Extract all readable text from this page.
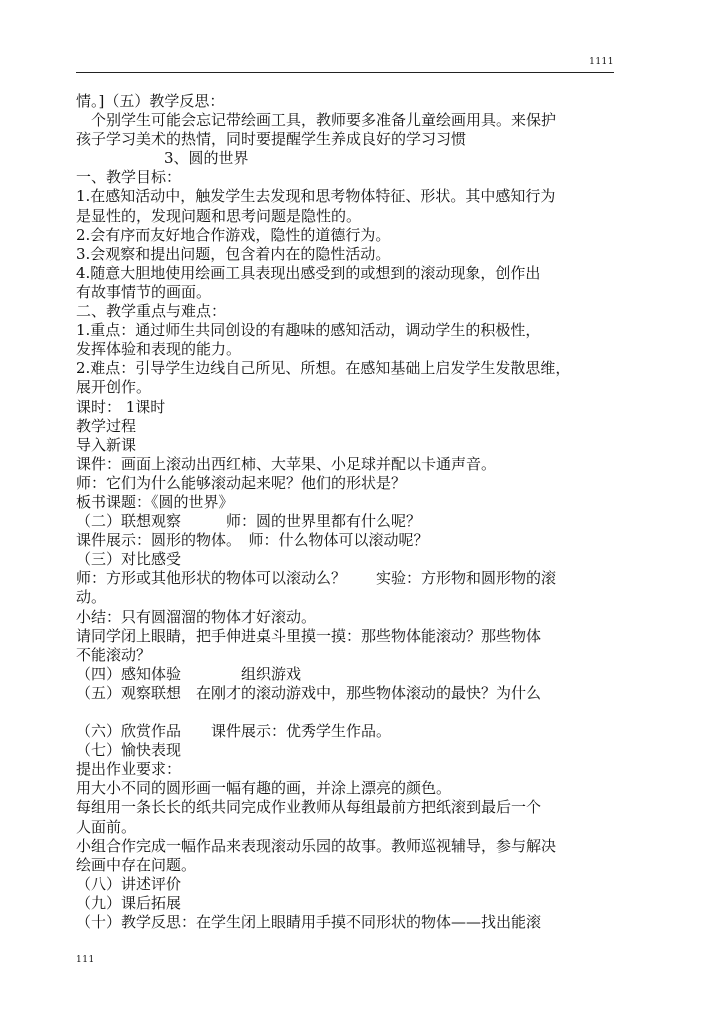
1111
情。]（五）教学反思：
个别学生可能会忘记带绘画工具，教师要多准备儿童绘画用具。来保护
孩子学习美术的热情，同时要提醒学生养成良好的学习习惯
3、圆的世界
一、教学目标：
1.在感知活动中，触发学生去发现和思考物体特征、形状。其中感知行为
是显性的，发现问题和思考问题是隐性的。
2.会有序而友好地合作游戏，隐性的道德行为。
3.会观察和提出问题，包含着内在的隐性活动。
4.随意大胆地使用绘画工具表现出感受到的或想到的滚动现象，创作出
有故事情节的画面。
二、教学重点与难点：
1.重点：通过师生共同创设的有趣味的感知活动，调动学生的积极性，
发挥体验和表现的能力。
2.难点：引导学生边线自己所见、所想。在感知基础上启发学生发散思维，
展开创作。
课时： 1课时
教学过程
导入新课
课件：画面上滚动出西红柿、大苹果、小足球并配以卡通声音。
师：它们为什么能够滚动起来呢？他们的形状是？
板书课题：《圆的世界》
（二）联想观察　　　师：圆的世界里都有什么呢？
课件展示：圆形的物体。　师：什么物体可以滚动呢？
（三）对比感受
师：方形或其他形状的物体可以滚动么？　　实验：方形物和圆形物的滚
动。
小结：只有圆溜溜的物体才好滚动。
请同学闭上眼睛，把手伸进桌斗里摸一摸：那些物体能滚动？那些物体
不能滚动？
（四）感知体验　　　　组织游戏
（五）观察联想　在刚才的滚动游戏中，那些物体滚动的最快？为什么
（六）欣赏作品　　课件展示：优秀学生作品。
（七）愉快表现
提出作业要求：
用大小不同的圆形画一幅有趣的画，并涂上漂亮的颜色。
每组用一条长长的纸共同完成作业教师从每组最前方把纸滚到最后一个
人面前。
小组合作完成一幅作品来表现滚动乐园的故事。教师巡视辅导，参与解决
绘画中存在问题。
（八）讲述评价
（九）课后拓展
（十）教学反思：在学生闭上眼睛用手摸不同形状的物体——找出能滚
111
